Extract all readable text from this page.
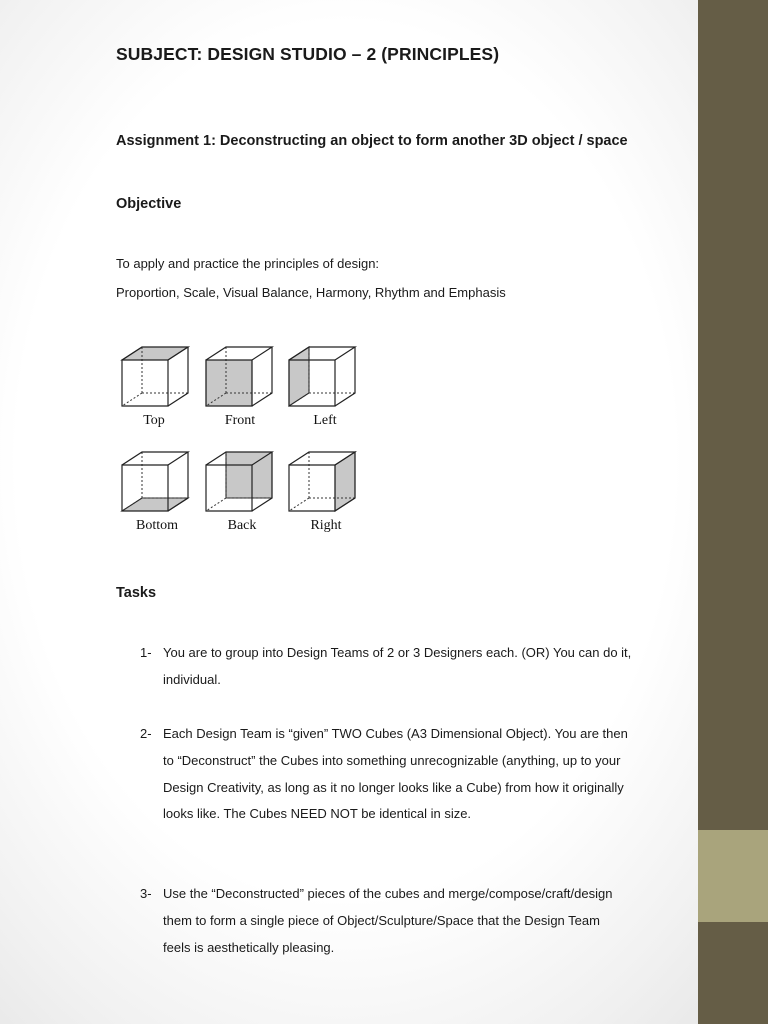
SUBJECT: DESIGN STUDIO – 2 (PRINCIPLES)
Assignment 1: Deconstructing an object to form another 3D object / space
Objective
To apply and practice the principles of design:
Proportion, Scale, Visual Balance, Harmony, Rhythm and Emphasis
Top	Front	Left
Bottom	Back	Right
Tasks
1- You are to group into Design Teams of 2 or 3 Designers each. (OR) You can do it,
individual.
2- Each Design Team is “given” TWO Cubes (A3 Dimensional Object). You are then
to “Deconstruct” the Cubes into something unrecognizable (anything, up to your
Design Creativity, as long as it no longer looks like a Cube) from how it originally
looks like. The Cubes NEED NOT be identical in size.
3- Use the “Deconstructed” pieces of the cubes and merge/compose/craft/design
them to form a single piece of Object/Sculpture/Space that the Design Team
feels is aesthetically pleasing.
